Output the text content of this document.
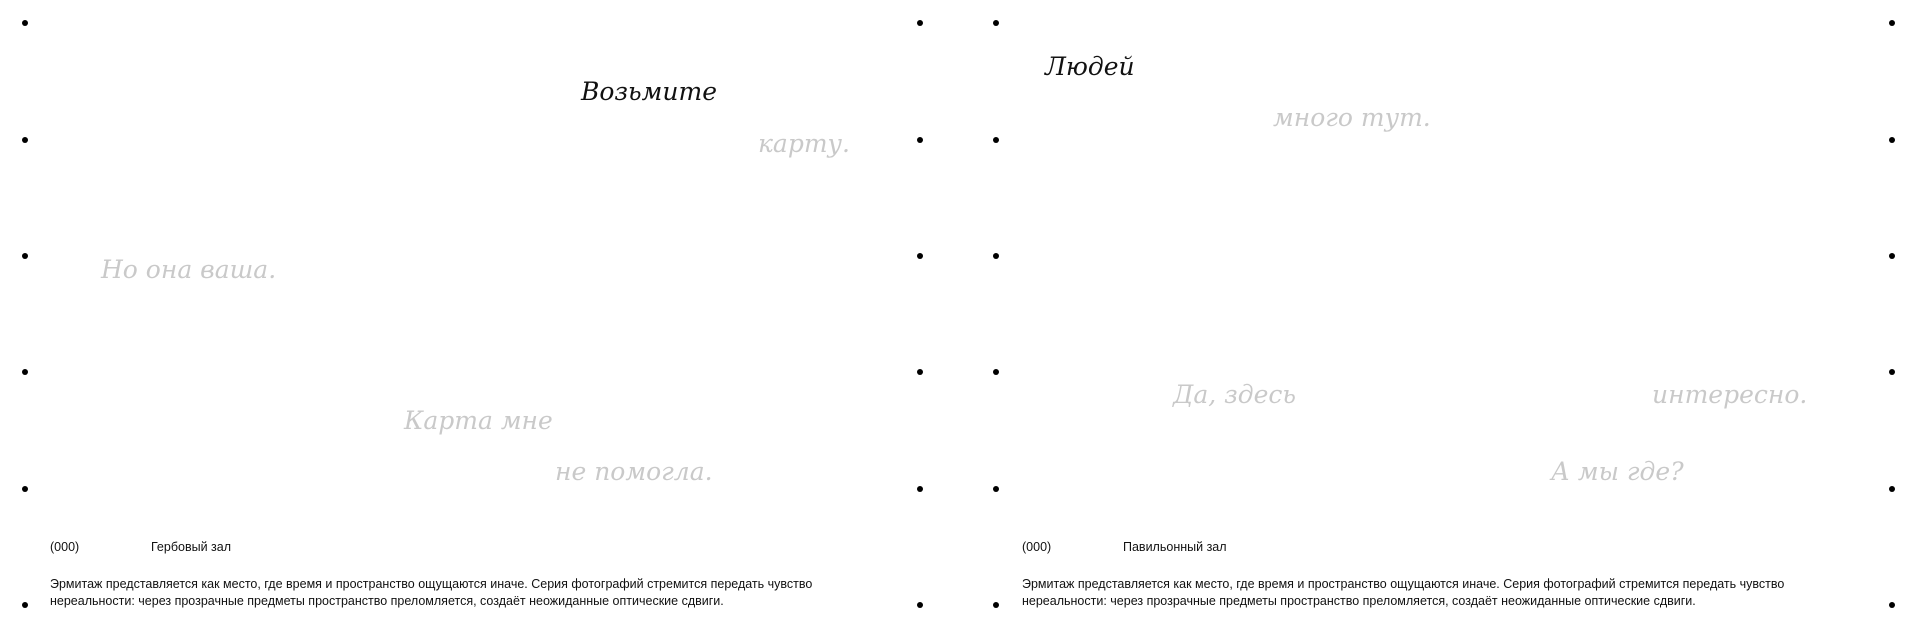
Возьмите
карту.
Но она ваша.
Карта мне
не помогла.
(000)	Гербовый зал
Эрмитаж представляется как место, где время и пространство ощущаются иначе. Серия фотографий стремится передать чувство нереальности: через прозрачные предметы пространство преломляется, создаёт неожиданные оптические сдвиги.
Людей
много тут.
Да, здесь	интересно.
А мы где?
(000)	Павильонный зал
Эрмитаж представляется как место, где время и пространство ощущаются иначе. Серия фотографий стремится передать чувство нереальности: через прозрачные предметы пространство преломляется, создаёт неожиданные оптические сдвиги.
